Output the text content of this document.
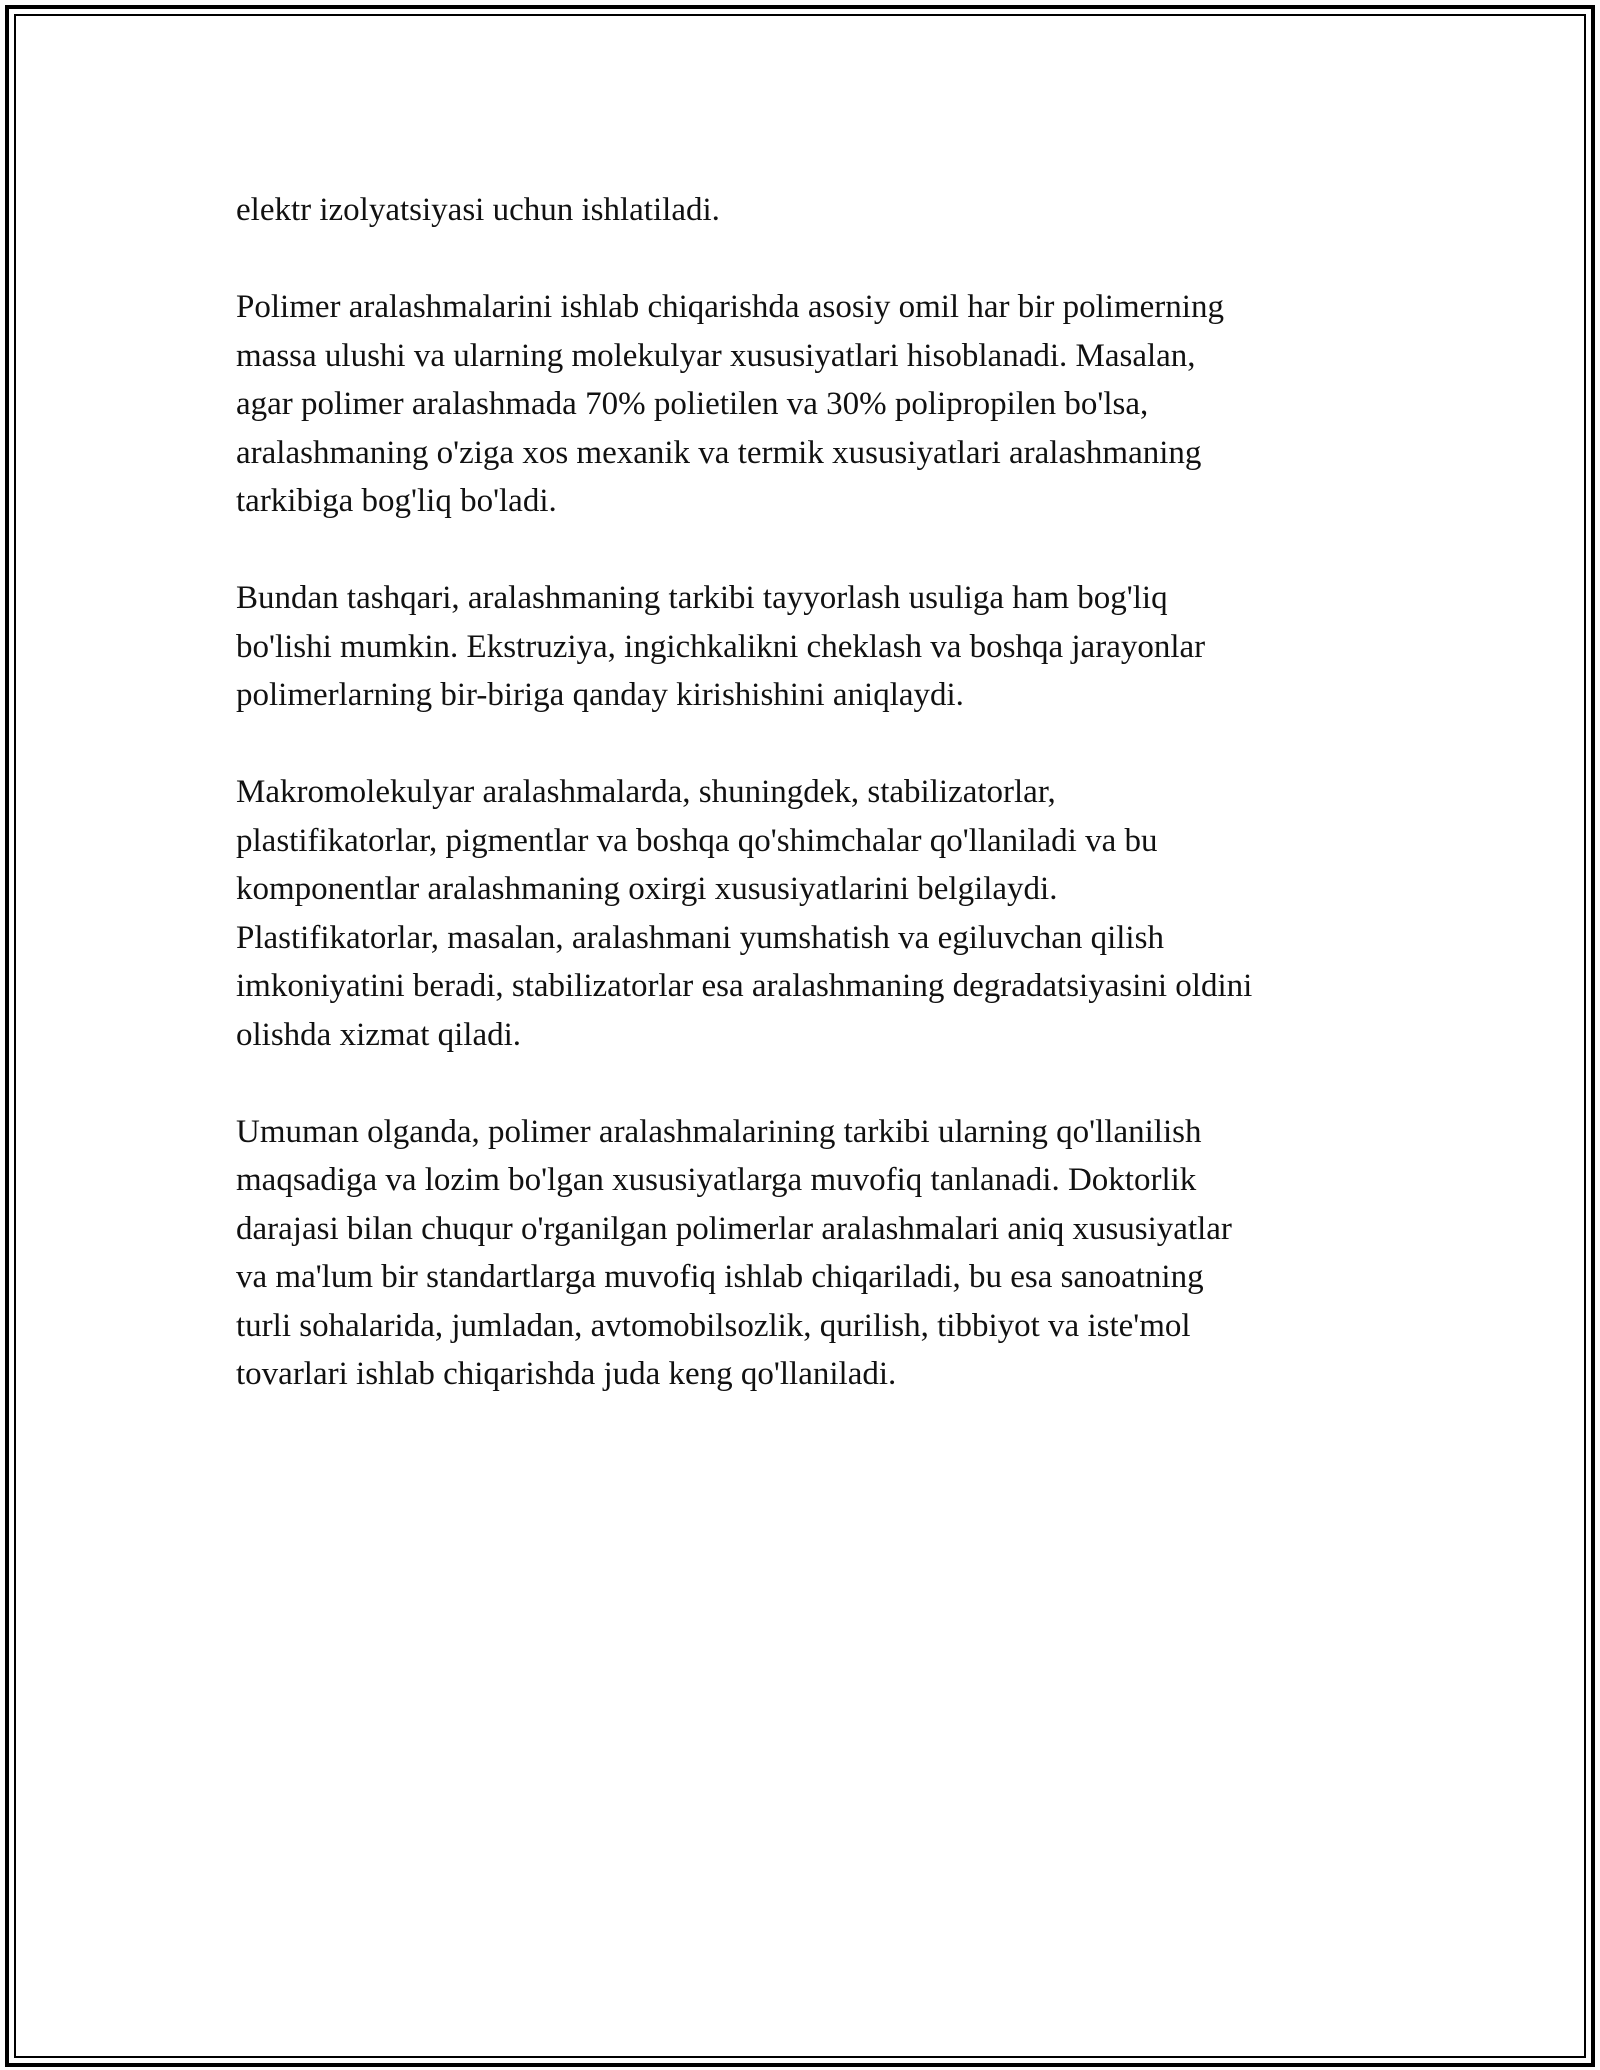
elektr izolyatsiyasi uchun ishlatiladi.

Polimer aralashmalarini ishlab chiqarishda asosiy omil har bir polimerning
massa ulushi va ularning molekulyar xususiyatlari hisoblanadi. Masalan,
agar polimer aralashmada 70% polietilen va 30% polipropilen bo'lsa,
aralashmaning o'ziga xos mexanik va termik xususiyatlari aralashmaning
tarkibiga bog'liq bo'ladi.

Bundan tashqari, aralashmaning tarkibi tayyorlash usuliga ham bog'liq
bo'lishi mumkin. Ekstruziya, ingichkalikni cheklash va boshqa jarayonlar
polimerlarning bir-biriga qanday kirishishini aniqlaydi.

Makromolekulyar aralashmalarda, shuningdek, stabilizatorlar,
plastifikatorlar, pigmentlar va boshqa qo'shimchalar qo'llaniladi va bu
komponentlar aralashmaning oxirgi xususiyatlarini belgilaydi.
Plastifikatorlar, masalan, aralashmani yumshatish va egiluvchan qilish
imkoniyatini beradi, stabilizatorlar esa aralashmaning degradatsiyasini oldini
olishda xizmat qiladi.

Umuman olganda, polimer aralashmalarining tarkibi ularning qo'llanilish
maqsadiga va lozim bo'lgan xususiyatlarga muvofiq tanlanadi. Doktorlik
darajasi bilan chuqur o'rganilgan polimerlar aralashmalari aniq xususiyatlar
va ma'lum bir standartlarga muvofiq ishlab chiqariladi, bu esa sanoatning
turli sohalarida, jumladan, avtomobilsozlik, qurilish, tibbiyot va iste'mol
tovarlari ishlab chiqarishda juda keng qo'llaniladi.
